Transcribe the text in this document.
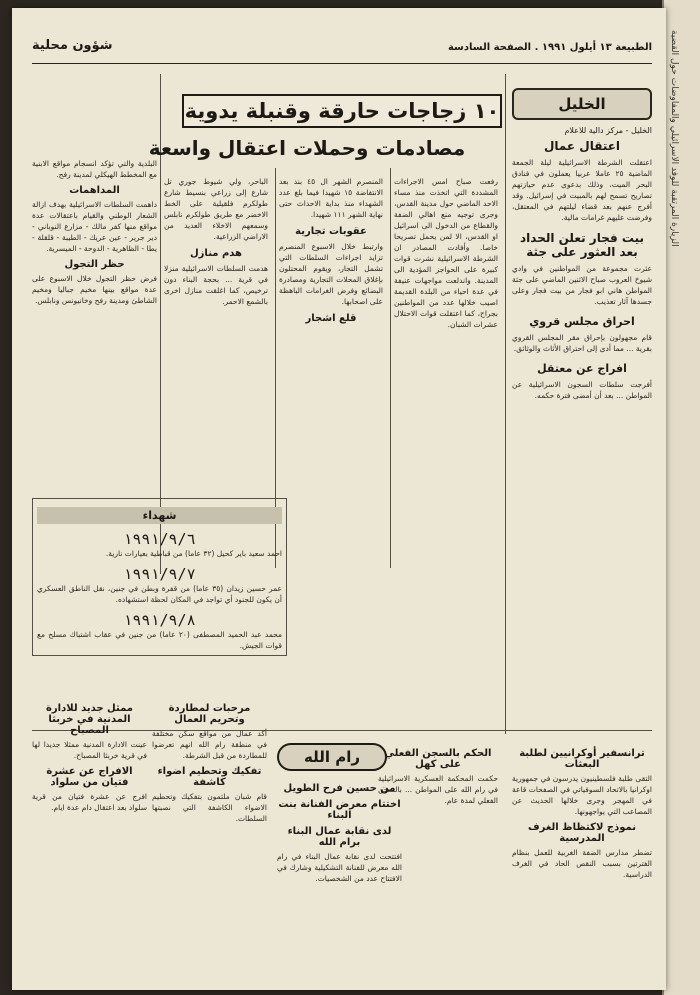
الزيارة المرتقبة للوفد الاسرائيلي والمفاوضات حول القضية
الطبيعة ١٣ أيلول ١٩٩١ . الصفحة السادسة
شؤون محلية
الخليل
الخليل - مركز دالية للاعلام
اعتقال عمال
اعتقلت الشرطة الاسرائيلية ليلة الجمعة الماضية ٢٥ عاملا عربيا يعملون في فنادق البحر الميت، وذلك بدعوى عدم حيازتهم تصاريح تسمح لهم بالمبيت في إسرائيل. وقد أفرج عنهم بعد قضاء ليلتهم في المعتقل، وفرضت عليهم غرامات مالية.
بيت فجار تعلن الحداد بعد العثور على جثة
عثرت مجموعة من المواطنين في وادي شيوخ العروب صباح الاثنين الماضي على جثة المواطن هاني ابو فجار من بيت فجار وعلى جسدها آثار تعذيب.
احراق مجلس قروي
قام مجهولون بإحراق مقر المجلس القروي بقرية ... مما أدى إلى احتراق الأثاث والوثائق.
افراج عن معتقل
أفرجت سلطات السجون الاسرائيلية عن المواطن ... بعد أن أمضى فترة حكمه.
١٠ زجاجات حارقة وقنبلة يدوية
مصادمات وحملات اعتقال واسعة
رفعت صباح امس الاجراءات المشددة التي اتخذت منذ مساء الاحد الماضي حول مدينة القدس، وجرى توجيه منع اهالي الضفة والقطاع من الدخول الى اسرائيل او القدس، الا لمن يحمل تصريحا خاصا. وأفادت المصادر ان الشرطة الاسرائيلية نشرت قوات كبيرة على الحواجز المؤدية الى المدينة. واندلعت مواجهات عنيفة في عدة احياء من البلدة القديمة اصيب خلالها عدد من المواطنين بجراح، كما اعتقلت قوات الاحتلال عشرات الشبان.
المنصرم الشهر ال ٤٥ بند بعد الانتفاضة ١٥ شهيدا فيما بلغ عدد الشهداء منذ بداية الاحداث حتى نهاية الشهر ١١١ شهيدا.
عقوبات تجارية
وارتبط خلال الاسبوع المنصرم تزايد اجراءات السلطات التي تشمل التجار، ويقوم المحتلون بإغلاق المحلات التجارية ومصادرة البضائع وفرض الغرامات الباهظة على اصحابها.
قلع اشجار
الباحر، ولي شيوط جوري تل شارع إلى زراعي بنسيط شارع طولكرم فلقيلية على الخط الاخضر مع طريق طولكرم نابلس وسمعهم الاخلاء العديد من الاراضي الزراعية.
هدم منازل
هدمت السلطات الاسرائيلية منزلا في قرية ... بحجة البناء دون ترخيص، كما اغلقت منازل اخرى بالشمع الاحمر.
البلدية والتي تؤكد انسجام مواقع الابنية مع المخطط الهيكلي لمدينة رفح.
المداهمات
داهمت السلطات الاسرائيلية بهدف ازالة الشعار الوطني والقيام باعتقالات عدة مواقع منها كفر مالك - مزارع النوباني - دير جرير - عين عريك - الطيبة - قلقلة - يطا - الظاهرية - الدوحة - الميسرية.
حظر التجول
فرض حظر التجول خلال الاسبوع على عدة مواقع بينها مخيم جباليا ومخيم الشاطئ ومدينة رفح وخانيونس ونابلس.
شهداء
١٩٩١/٩/٦
احمد سعيد باير كحيل (٣٢ عاما) من قباطية بعيارات نارية.
١٩٩١/٩/٧
عمر حسين زيدان (٣٥ عاما) من قفرة وبطن في جنين، نقل الناطق العسكري أن يكون للجنود أي تواجد في المكان لحظة استشهاده.
١٩٩١/٩/٨
محمد عبد الحميد المصطفى (٢٠ عاما) من جنين في عقاب اشتباك مسلح مع قوات الجيش.
ترانسفير أوكرانيين لطلبة البعثات
التقى طلبة فلسطينيون يدرسون في جمهورية اوكرانيا بالاتحاد السوفياتي في الصفحات قاعة في المهجر وجرى خلالها الحديث عن المصاعب التي يواجهونها.
نموذج لاكتظاظ الغرف المدرسية
تضطر مدارس الضفة الغربية للعمل بنظام الفترتين بسبب النقص الحاد في الغرف الدراسية.
رام الله	الحكم بالسجن الفعلي على كهل
حكمت المحكمة العسكرية الاسرائيلية في رام الله على المواطن ... بالسجن الفعلي لمدة عام.
من حسين فرح الطويل
اختتام معرض الفنانة بنت البناء
لدى نقابة عمال البناء برام الله
افتتحت لدى نقابة عمال البناء في رام الله معرض للفنانة التشكيلية وشارك في الافتتاح عدد من الشخصيات.
مرحبات لمطاردة وتحريم العمال
أكد عمال من مواقع سكن مختلفة في منطقة رام الله انهم تعرضوا للمطاردة من قبل الشرطة.
تفكيك وتحطيم اضواء كاشفة
قام شبان ملثمون بتفكيك وتحطيم الاضواء الكاشفة التي نصبتها السلطات.
ممثل جديد للادارة المدنية في خربثا المصباح
عينت الادارة المدنية ممثلا جديدا لها في قرية خربثا المصباح.
الافراج عن عشرة فتيان من سلواد
افرج عن عشرة فتيان من قرية سلواد بعد اعتقال دام عدة ايام.
